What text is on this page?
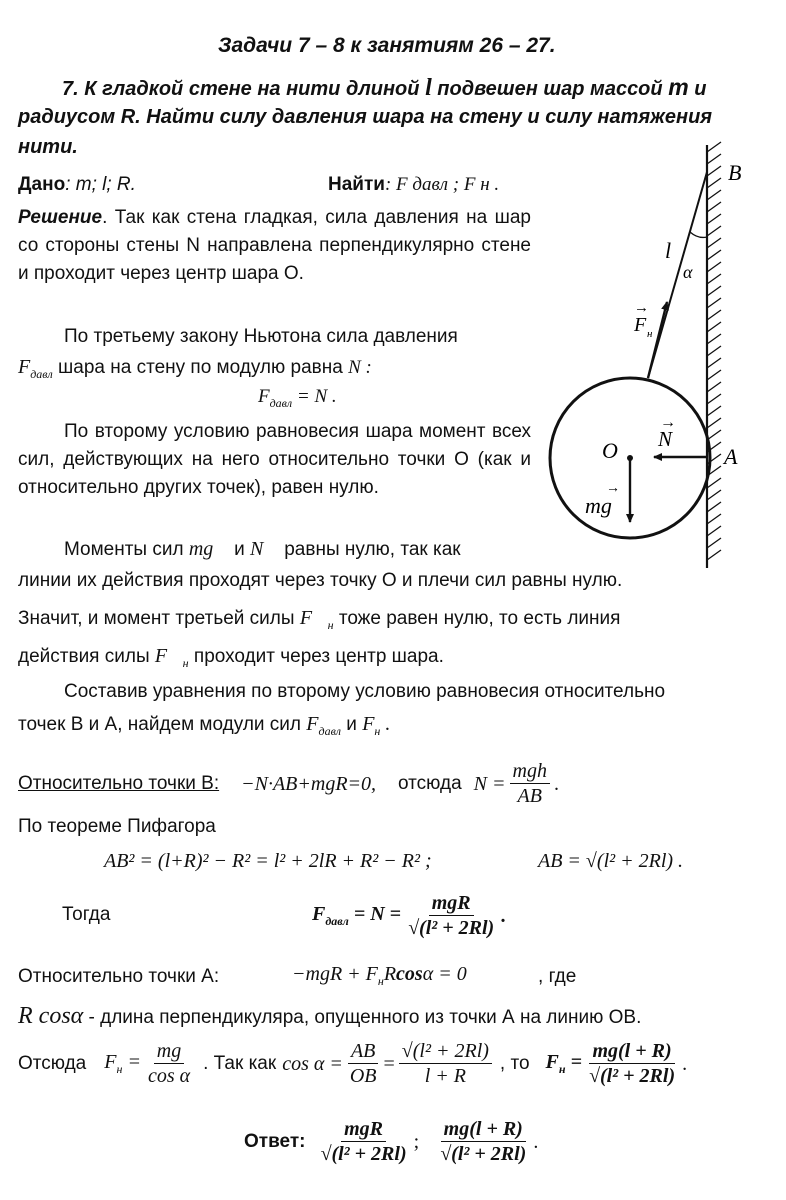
Задачи 7 – 8 к занятиям 26 – 27.
7. К гладкой стене на нити длиной l подвешен шар массой m и
радиусом R. Найти силу давления шара на стену и силу натяжения
нити.
Дано: m; l; R.	Найти: F давл ; F н .
Решение. Так как стена гладкая, сила давления на шар со стороны стены N направлена перпендикулярно стене и проходит через центр шара О.
По третьему закону Ньютона сила давления
$F_{давл}$ шара на стену по модулю равна N :
$F_{давл} = N$ .
По второму условию равновесия шара момент всех сил, действующих на него относительно точки О (как и относительно других точек), равен нулю.
Моменты сил mg⃗ и N⃗ равны нулю, так как
линии их действия проходят через точку О и плечи сил равны нулю.
Значит, и момент третьей силы $F⃗_н$ тоже равен нулю, то есть линия
действия силы $F⃗_н$ проходит через центр шара.
Составив уравнения по второму условию равновесия относительно
точек В и А, найдем модули сил $F_{давл}$ и $F_н$ .
Относительно точки В: −N·AB+mgR=0, отсюда $N = \frac{\text{mgh}}{AB}$ .
По теореме Пифагора
AB² = (l+R)² − R² = l² + 2lR + R² − R² ;	AB = √(l² + 2Rl) .
Тогда	$F_{давл} = N = \frac{\text{mgR}}{\text{√(l² + 2Rl)}}$ .
Относительно точки А:	$-mgR + F_нRcos\alpha = 0$	, где
R cosα - длина перпендикуляра, опущенного из точки А на линию ОВ.
Отсюда $F_н = \frac{mg}{\text{cos α}}$ . Так как $\cos \alpha = \frac{AB}{OB} = \frac{\text{√(l² + 2Rl)}}{l + R}$ , то $F_н = \frac{mg(l + R)}{\text{√(l² + 2Rl)}}$ .
Ответ: $\frac{\text{mgR}}{\text{√(l² + 2Rl)}}$ ; $\frac{mg(l + R)}{\text{√(l² + 2Rl)}}$ .
B
A
O
l
α
N
→
F н
→
mg
→
